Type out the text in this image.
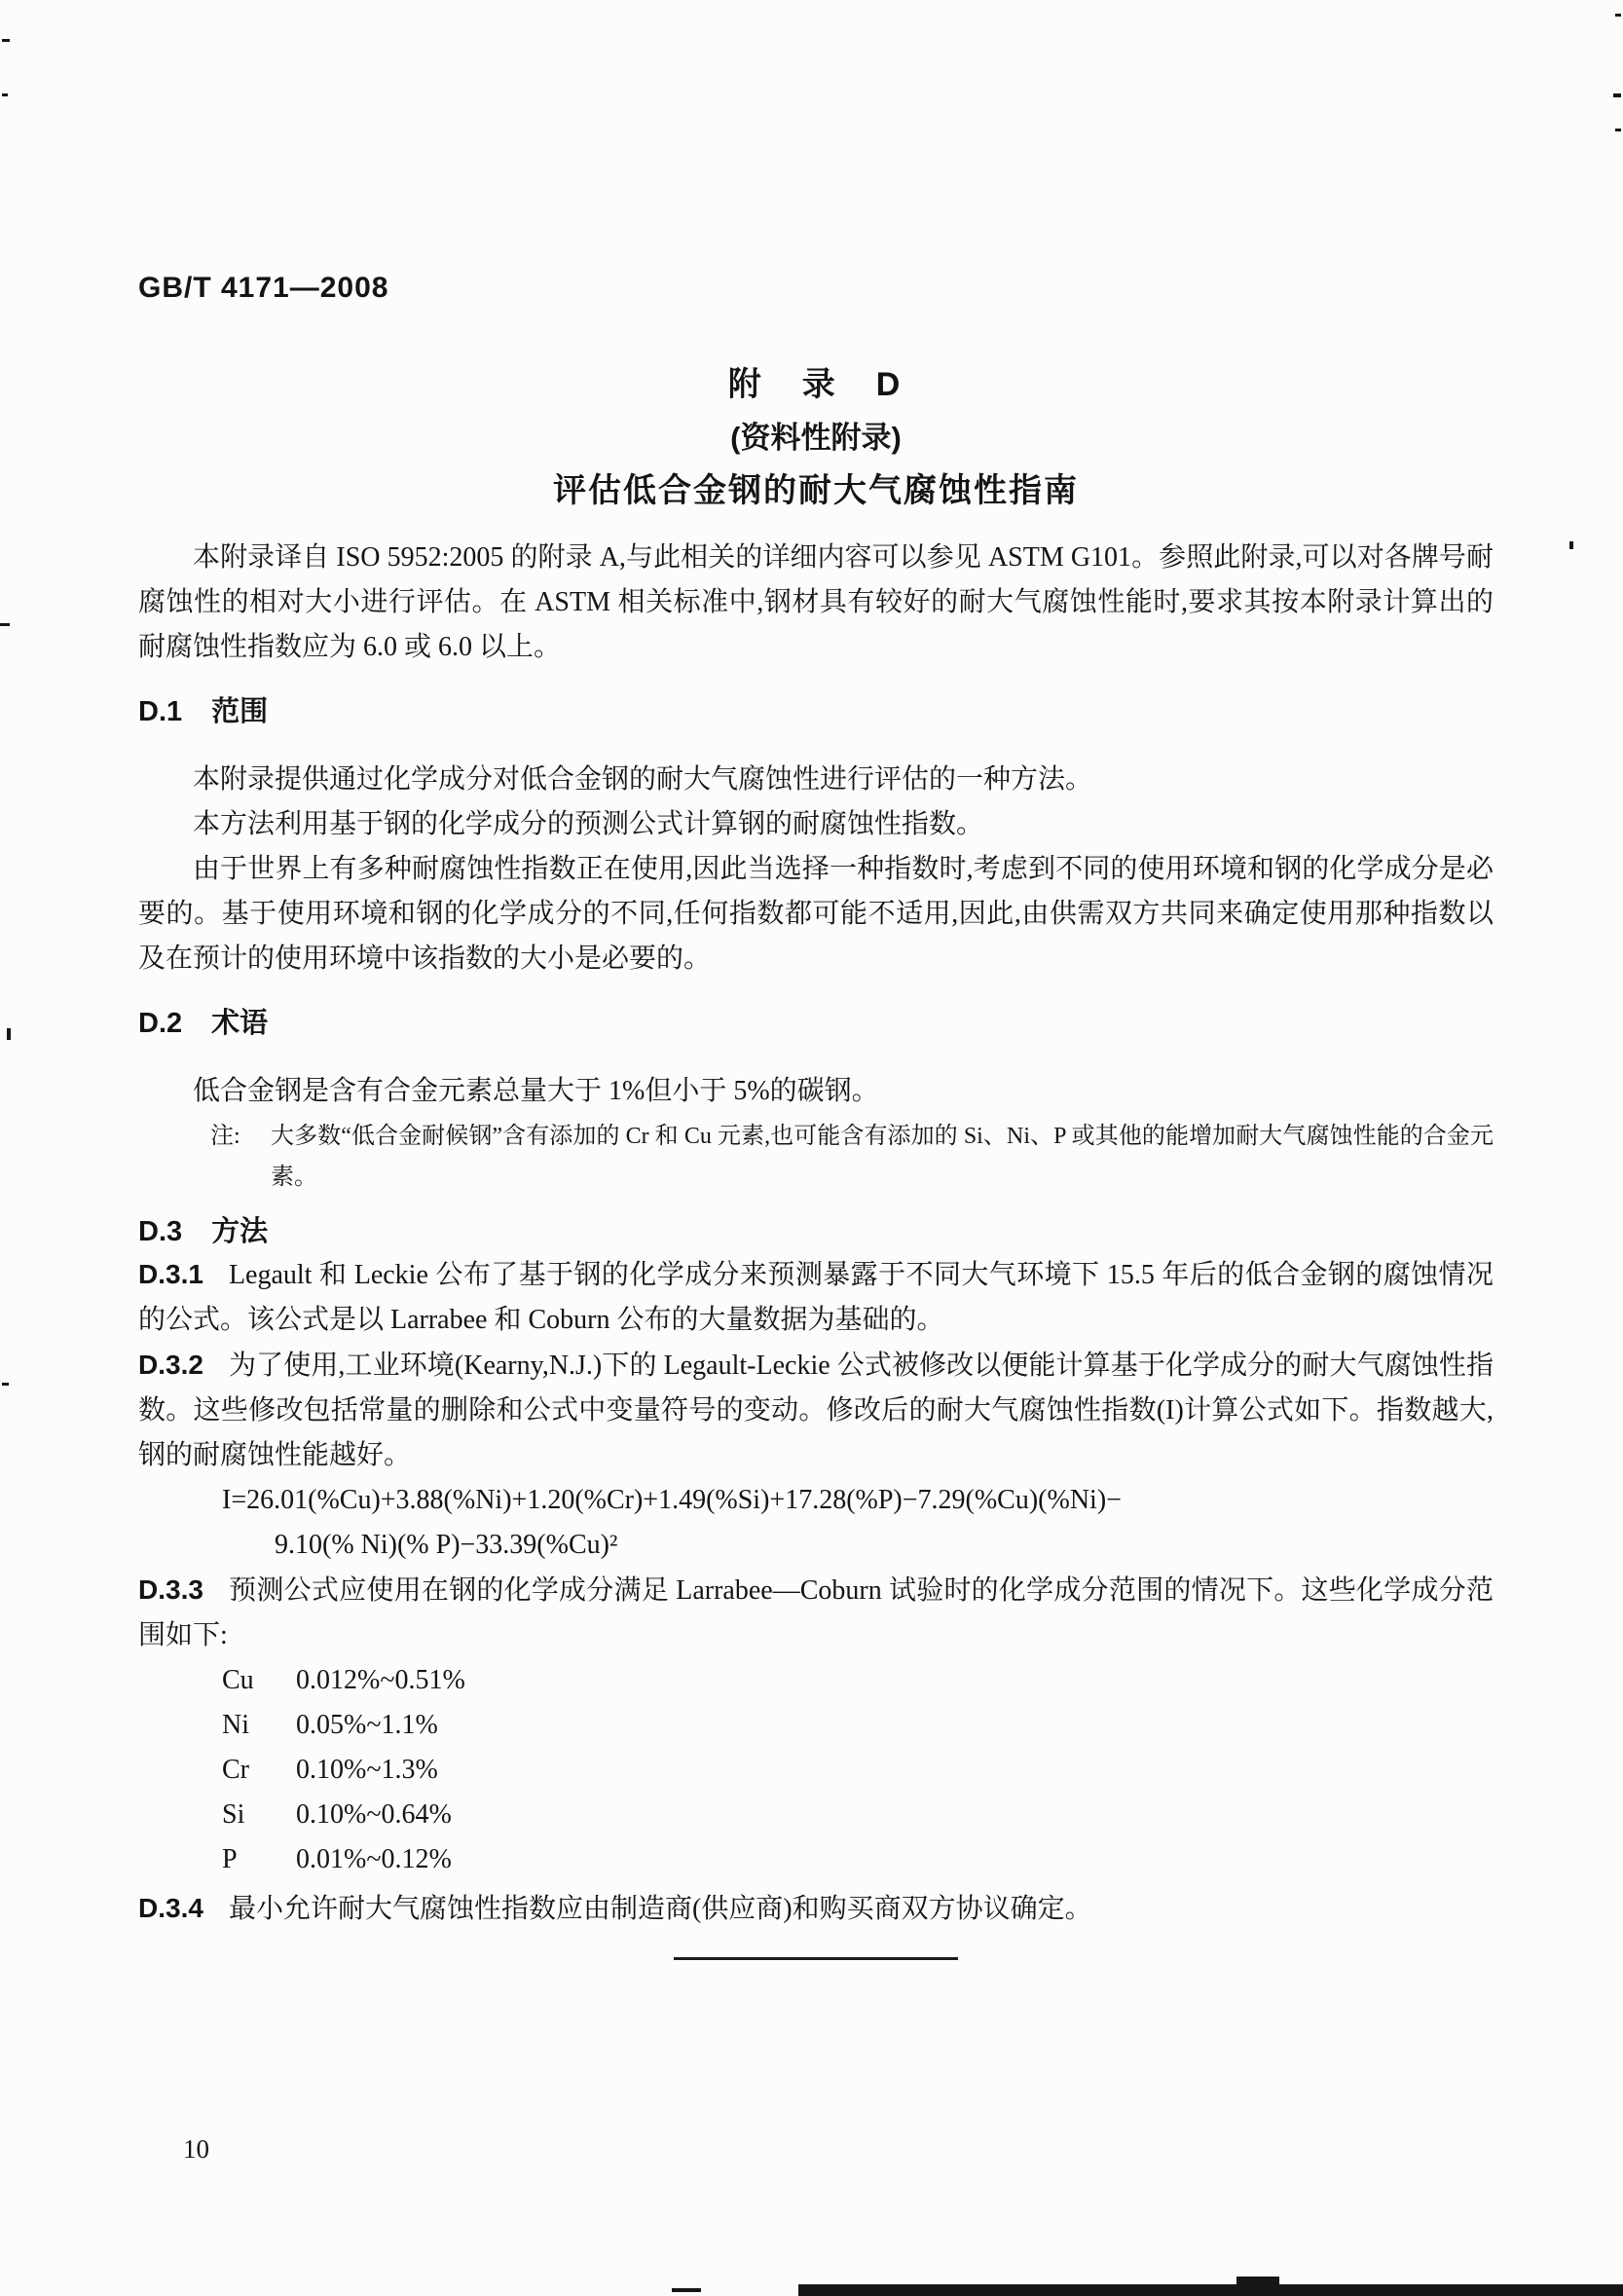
GB/T 4171—2008
附　录　D
(资料性附录)
评估低合金钢的耐大气腐蚀性指南

本附录译自 ISO 5952:2005 的附录 A,与此相关的详细内容可以参见 ASTM G101。参照此附录,可以对各牌号耐腐蚀性的相对大小进行评估。在 ASTM 相关标准中,钢材具有较好的耐大气腐蚀性能时,要求其按本附录计算出的耐腐蚀性指数应为 6.0 或 6.0 以上。

D.1 范围

本附录提供通过化学成分对低合金钢的耐大气腐蚀性进行评估的一种方法。

本方法利用基于钢的化学成分的预测公式计算钢的耐腐蚀性指数。

由于世界上有多种耐腐蚀性指数正在使用,因此当选择一种指数时,考虑到不同的使用环境和钢的化学成分是必要的。基于使用环境和钢的化学成分的不同,任何指数都可能不适用,因此,由供需双方共同来确定使用那种指数以及在预计的使用环境中该指数的大小是必要的。

D.2 术语

低合金钢是含有合金元素总量大于 1%但小于 5%的碳钢。

注: 大多数“低合金耐候钢”含有添加的 Cr 和 Cu 元素,也可能含有添加的 Si、Ni、P 或其他的能增加耐大气腐蚀性能的合金元素。
D.3 方法

D.3.1 Legault 和 Leckie 公布了基于钢的化学成分来预测暴露于不同大气环境下 15.5 年后的低合金钢的腐蚀情况的公式。该公式是以 Larrabee 和 Coburn 公布的大量数据为基础的。

D.3.2 为了使用,工业环境(Kearny,N.J.)下的 Legault-Leckie 公式被修改以便能计算基于化学成分的耐大气腐蚀性指数。这些修改包括常量的删除和公式中变量符号的变动。修改后的耐大气腐蚀性指数(I)计算公式如下。指数越大,钢的耐腐蚀性能越好。

I=26.01(%Cu)+3.88(%Ni)+1.20(%Cr)+1.49(%Si)+17.28(%P)−7.29(%Cu)(%Ni)−

9.10(% Ni)(% P)−33.39(%Cu)²

D.3.3 预测公式应使用在钢的化学成分满足 Larrabee—Coburn 试验时的化学成分范围的情况下。这些化学成分范围如下:

Cu	0.012%~0.51%
Ni	0.05%~1.1%
Cr	0.10%~1.3%
Si	0.10%~0.64%
P	0.01%~0.12%

D.3.4 最小允许耐大气腐蚀性指数应由制造商(供应商)和购买商双方协议确定。

10
